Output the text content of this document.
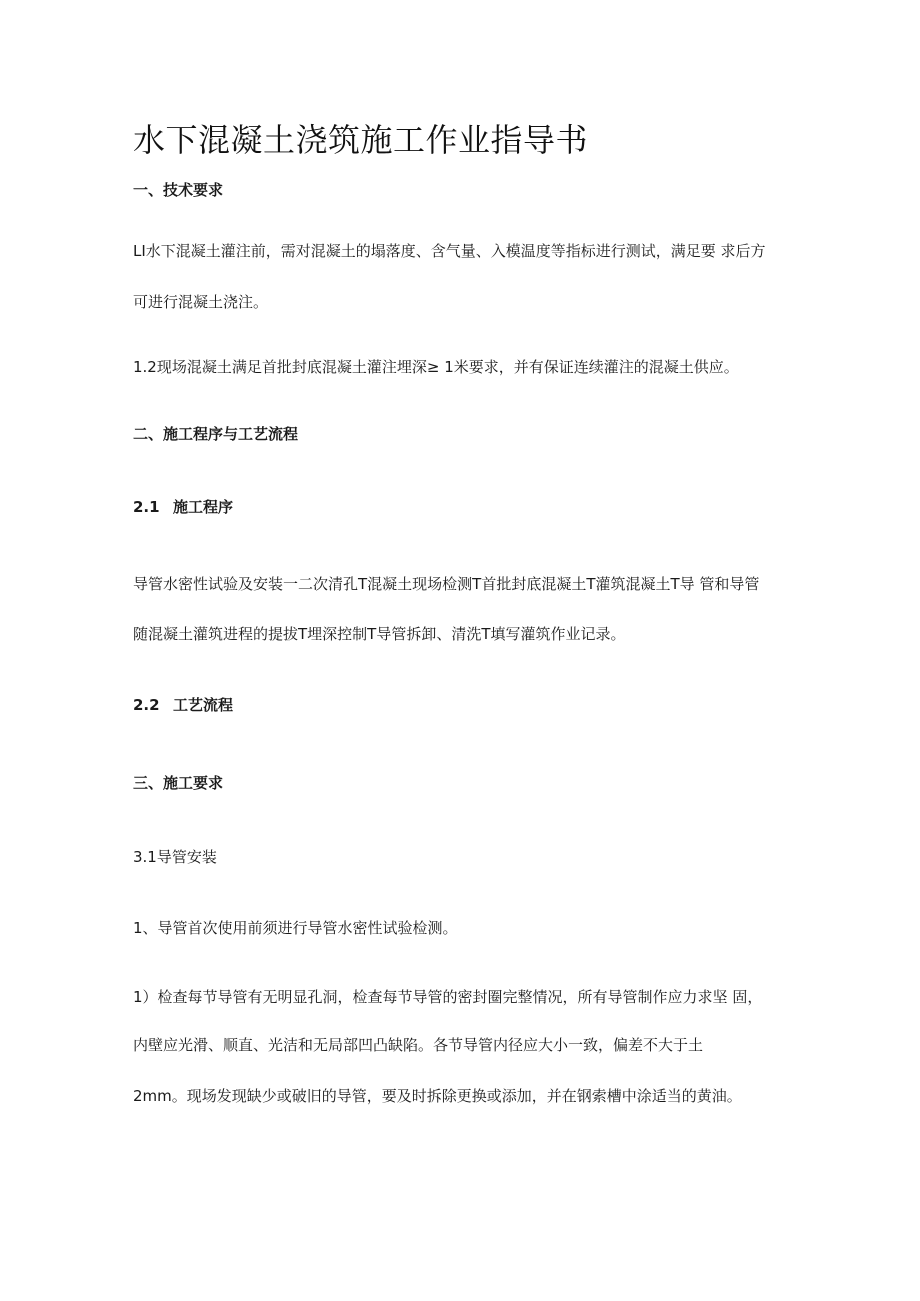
水下混凝土浇筑施工作业指导书
一、技术要求
LI水下混凝土灌注前，需对混凝土的塌落度、含气量、入模温度等指标进行测试，满足要 求后方
可进行混凝土浇注。
1.2现场混凝土满足首批封底混凝土灌注埋深≥ 1米要求，并有保证连续灌注的混凝土供应。
二、施工程序与工艺流程
2.1 施工程序
导管水密性试验及安装一二次清孔T混凝土现场检测T首批封底混凝土T灌筑混凝土T导 管和导管
随混凝土灌筑进程的提拔T埋深控制T导管拆卸、清洗T填写灌筑作业记录。
2.2 工艺流程
三、施工要求
3.1导管安装
1、导管首次使用前须进行导管水密性试验检测。
1）检查每节导管有无明显孔洞，检查每节导管的密封圈完整情况，所有导管制作应力求坚 固，
内壁应光滑、顺直、光洁和无局部凹凸缺陷。各节导管内径应大小一致，偏差不大于土
2mm。现场发现缺少或破旧的导管，要及时拆除更换或添加，并在钢索槽中涂适当的黄油。
